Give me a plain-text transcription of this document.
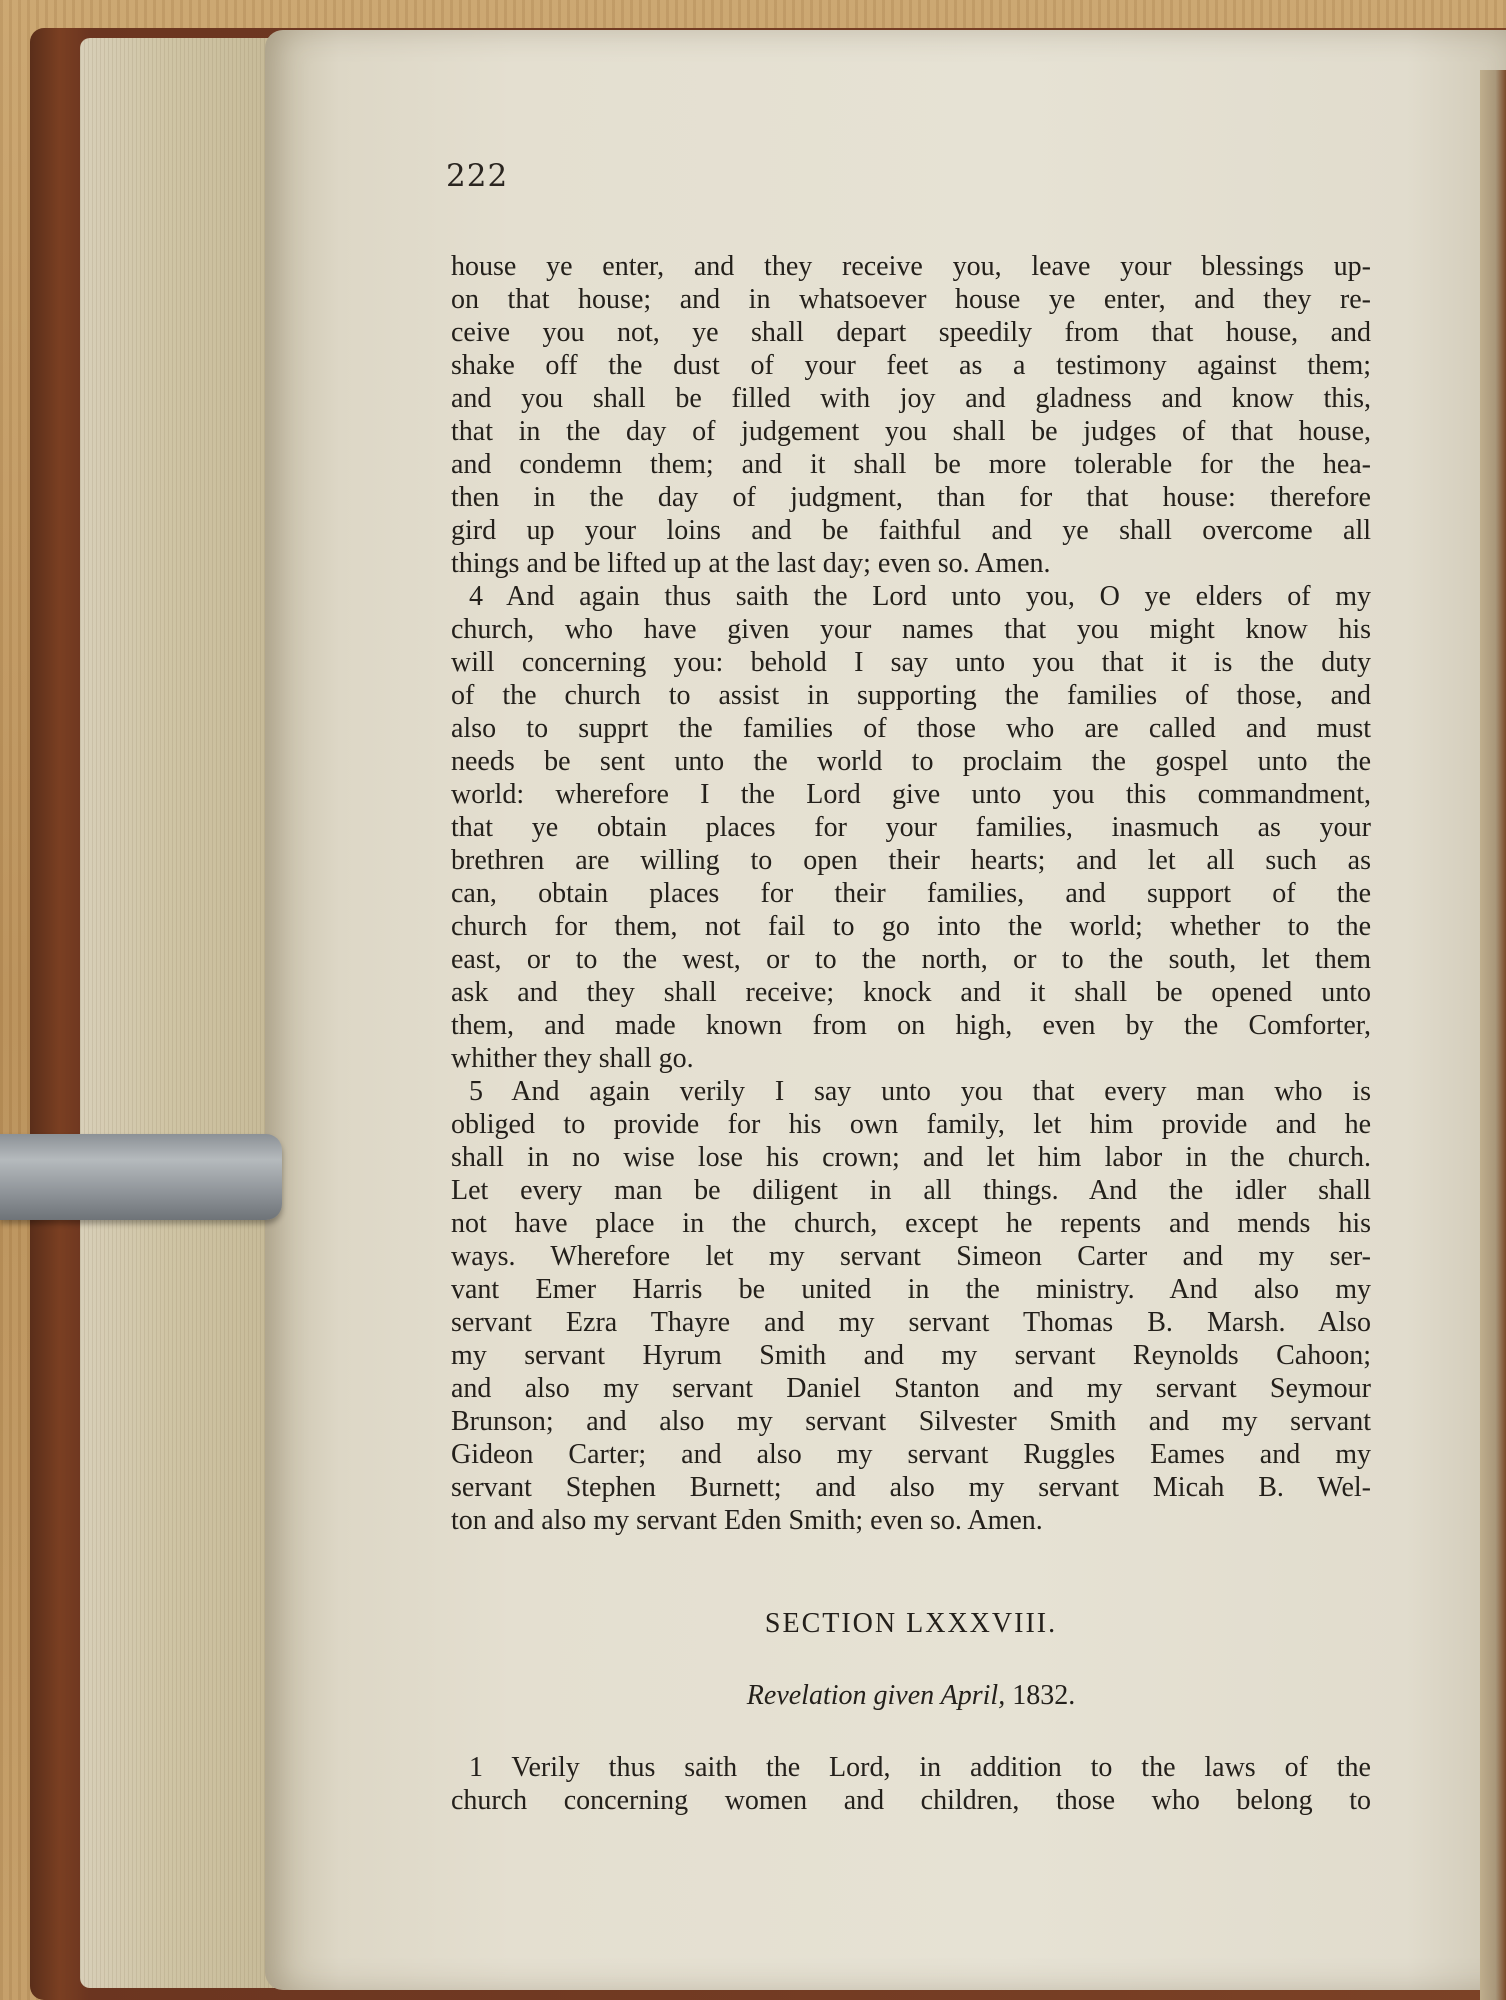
222
house ye enter, and they receive you, leave your blessings up-
on that house; and in whatsoever house ye enter, and they re-
ceive you not, ye shall depart speedily from that house, and
shake off the dust of your feet as a testimony against them;
and you shall be filled with joy and gladness and know this,
that in the day of judgement you shall be judges of that house,
and condemn them; and it shall be more tolerable for the hea-
then in the day of judgment, than for that house: therefore
gird up your loins and be faithful and ye shall overcome all
things and be lifted up at the last day; even so. Amen.
4 And again thus saith the Lord unto you, O ye elders of my
church, who have given your names that you might know his
will concerning you: behold I say unto you that it is the duty
of the church to assist in supporting the families of those, and
also to supprt the families of those who are called and must
needs be sent unto the world to proclaim the gospel unto the
world: wherefore I the Lord give unto you this commandment,
that ye obtain places for your families, inasmuch as your
brethren are willing to open their hearts; and let all such as
can, obtain places for their families, and support of the
church for them, not fail to go into the world; whether to the
east, or to the west, or to the north, or to the south, let them
ask and they shall receive; knock and it shall be opened unto
them, and made known from on high, even by the Comforter,
whither they shall go.
5 And again verily I say unto you that every man who is
obliged to provide for his own family, let him provide and he
shall in no wise lose his crown; and let him labor in the church.
Let every man be diligent in all things. And the idler shall
not have place in the church, except he repents and mends his
ways. Wherefore let my servant Simeon Carter and my ser-
vant Emer Harris be united in the ministry. And also my
servant Ezra Thayre and my servant Thomas B. Marsh. Also
my servant Hyrum Smith and my servant Reynolds Cahoon;
and also my servant Daniel Stanton and my servant Seymour
Brunson; and also my servant Silvester Smith and my servant
Gideon Carter; and also my servant Ruggles Eames and my
servant Stephen Burnett; and also my servant Micah B. Wel-
ton and also my servant Eden Smith; even so. Amen.
SECTION LXXXVIII.
Revelation given April, 1832.
1 Verily thus saith the Lord, in addition to the laws of the
church concerning women and children, those who belong to
